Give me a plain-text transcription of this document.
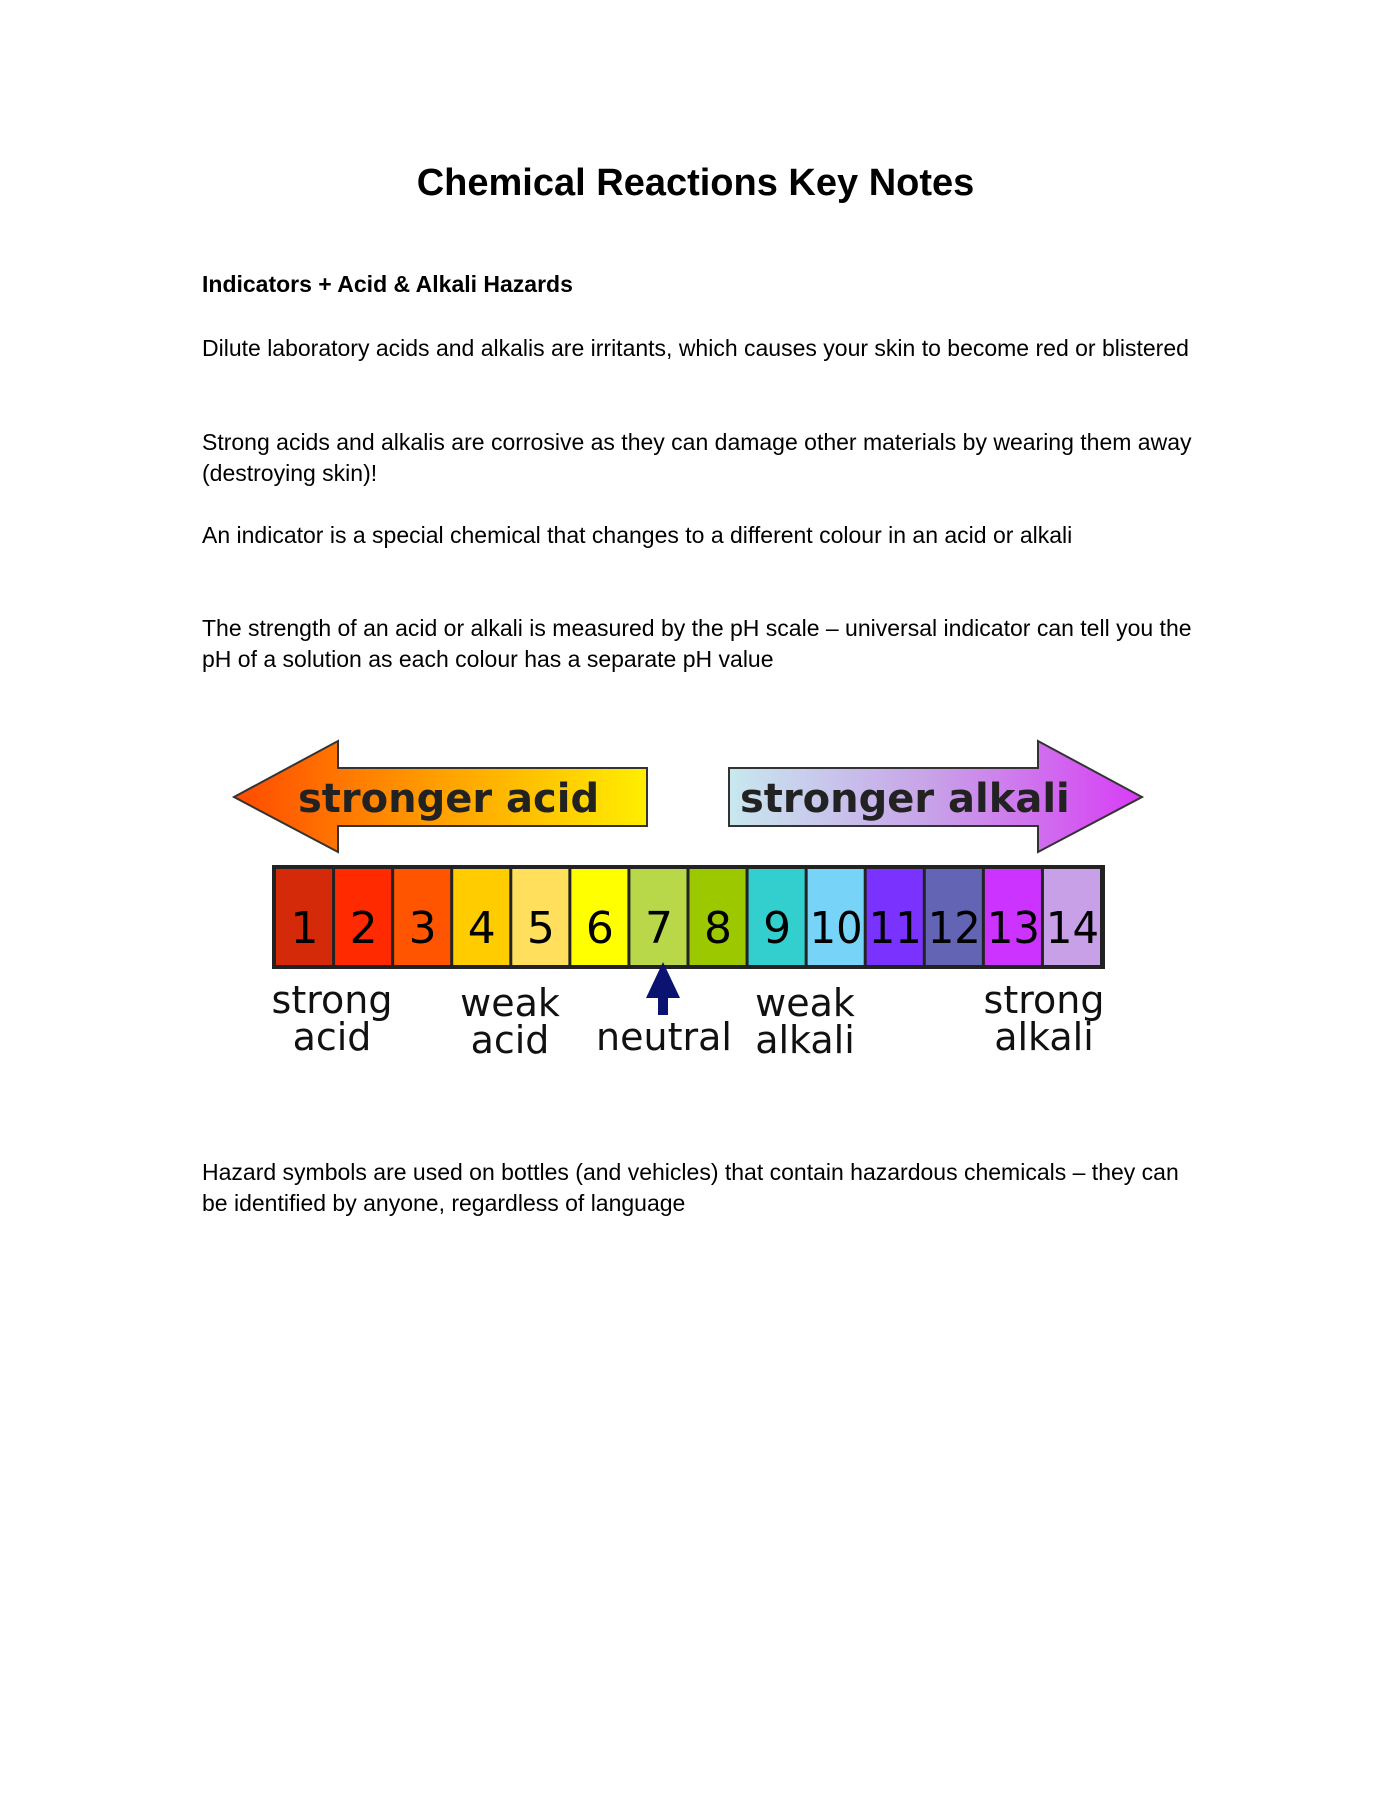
Chemical Reactions Key Notes
Indicators + Acid & Alkali Hazards
Dilute laboratory acids and alkalis are irritants, which causes your skin to become red or blistered
Strong acids and alkalis are corrosive as they can damage other materials by wearing them away (destroying skin)!
An indicator is a special chemical that changes to a different colour in an acid or alkali
The strength of an acid or alkali is measured by the pH scale – universal indicator can tell you the pH of a solution as each colour has a separate pH value
stronger acid	stronger alkali
1 2 3 4 5 6 7 8 9 10 11 12 13 14
strong
acid
weak
acid neutral
weak
alkali
strong
alkali
Hazard symbols are used on bottles (and vehicles) that contain hazardous chemicals – they can be identified by anyone, regardless of language
